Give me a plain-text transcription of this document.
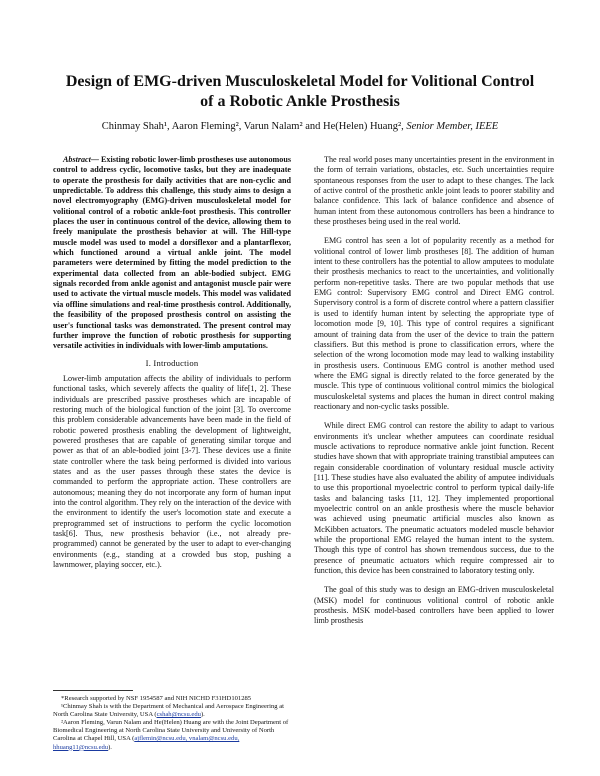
Design of EMG-driven Musculoskeletal Model for Volitional Control of a Robotic Ankle Prosthesis
Chinmay Shah¹, Aaron Fleming², Varun Nalam² and He(Helen) Huang², Senior Member, IEEE

Abstract— Existing robotic lower-limb prostheses use autonomous control to address cyclic, locomotive tasks, but they are inadequate to operate the prosthesis for daily activities that are non-cyclic and unpredictable. To address this challenge, this study aims to design a novel electromyography (EMG)-driven musculoskeletal model for volitional control of a robotic ankle-foot prosthesis. This controller places the user in continuous control of the device, allowing them to freely manipulate the prosthesis behavior at will. The Hill-type muscle model was used to model a dorsiflexor and a plantarflexor, which functioned around a virtual ankle joint. The model parameters were determined by fitting the model prediction to the experimental data collected from an able-bodied subject. EMG signals recorded from ankle agonist and antagonist muscle pair were used to activate the virtual muscle models. This model was validated via offline simulations and real-time prosthesis control. Additionally, the feasibility of the proposed prosthesis control on assisting the user's functional tasks was demonstrated. The present control may further improve the function of robotic prosthesis for supporting versatile activities in individuals with lower-limb amputations.

I. Introduction

Lower-limb amputation affects the ability of individuals to perform functional tasks, which severely affects the quality of life[1, 2]. These individuals are prescribed passive prostheses which are incapable of restoring much of the biological function of the joint [3]. To overcome this problem considerable advancements have been made in the field of robotic powered prosthesis enabling the development of lightweight, powered prostheses that are capable of generating similar torque and power as that of an able-bodied joint [3-7]. These devices use a finite state controller where the task being performed is divided into various states and as the user passes through these states the device is commanded to perform the appropriate action. These controllers are autonomous; meaning they do not incorporate any form of human input into the control algorithm. They rely on the interaction of the device with the environment to identify the user's locomotion state and execute a preprogrammed set of instructions to perform the cyclic locomotion task[6]. Thus, new prosthesis behavior (i.e., not already pre-programmed) cannot be generated by the user to adapt to ever-changing environments (e.g., standing at a crowded bus stop, pushing a lawnmower, playing soccer, etc.).

*Research supported by NSF 1954587 and NIH NICHD F31HD101285

¹Chinmay Shah is with the Department of Mechanical and Aerospace Engineering at North Carolina State University, USA (cshah@ncsu.edu).

²Aaron Fleming, Varun Nalam and He(Helen) Huang are with the Joint Department of Biomedical Engineering at North Carolina State University and University of North Carolina at Chapel Hill, USA (ajflemin@ncsu.edu, vnalam@ncsu.edu, hhuang11@ncsu.edu).

The real world poses many uncertainties present in the environment in the form of terrain variations, obstacles, etc. Such uncertainties require spontaneous responses from the user to adapt to these changes. The lack of active control of the prosthetic ankle joint leads to poorer stability and balance confidence. This lack of balance confidence and absence of human intent from these autonomous controllers has been a hindrance to these prostheses being used in the real world.

EMG control has seen a lot of popularity recently as a method for volitional control of lower limb prostheses [8]. The addition of human intent to these controllers has the potential to allow amputees to modulate their prosthesis mechanics to react to the uncertainties, and volitionally perform non-repetitive tasks. There are two popular methods that use EMG control: Supervisory EMG control and Direct EMG control. Supervisory control is a form of discrete control where a pattern classifier is used to identify human intent by selecting the appropriate type of locomotion mode [9, 10]. This type of control requires a significant amount of training data from the user of the device to train the pattern classifiers. But this method is prone to classification errors, where the selection of the wrong locomotion mode may lead to walking instability in prosthesis users. Continuous EMG control is another method used where the EMG signal is directly related to the force generated by the muscle. This type of continuous volitional control mimics the biological musculoskeletal systems and places the human in direct control making reactionary and non-cyclic tasks possible.

While direct EMG control can restore the ability to adapt to various environments it's unclear whether amputees can coordinate residual muscle activations to reproduce normative ankle joint function. Recent studies have shown that with appropriate training transtibial amputees can regain considerable coordination of voluntary residual muscle activity [11]. These studies have also evaluated the ability of amputee individuals to use this proportional myoelectric control to perform typical daily-life tasks and balancing tasks [11, 12]. They implemented proportional myoelectric control on an ankle prosthesis where the muscle behavior was achieved using pneumatic artificial muscles also known as McKibben actuators. The pneumatic actuators modeled muscle behavior while the proportional EMG relayed the human intent to the system. Though this type of control has shown tremendous success, due to the presence of pneumatic actuators which require compressed air to function, this device has been constrained to laboratory testing only.

The goal of this study was to design an EMG-driven musculoskeletal (MSK) model for continuous volitional control of robotic ankle prosthesis. MSK model-based controllers have been applied to lower limb prosthesis
